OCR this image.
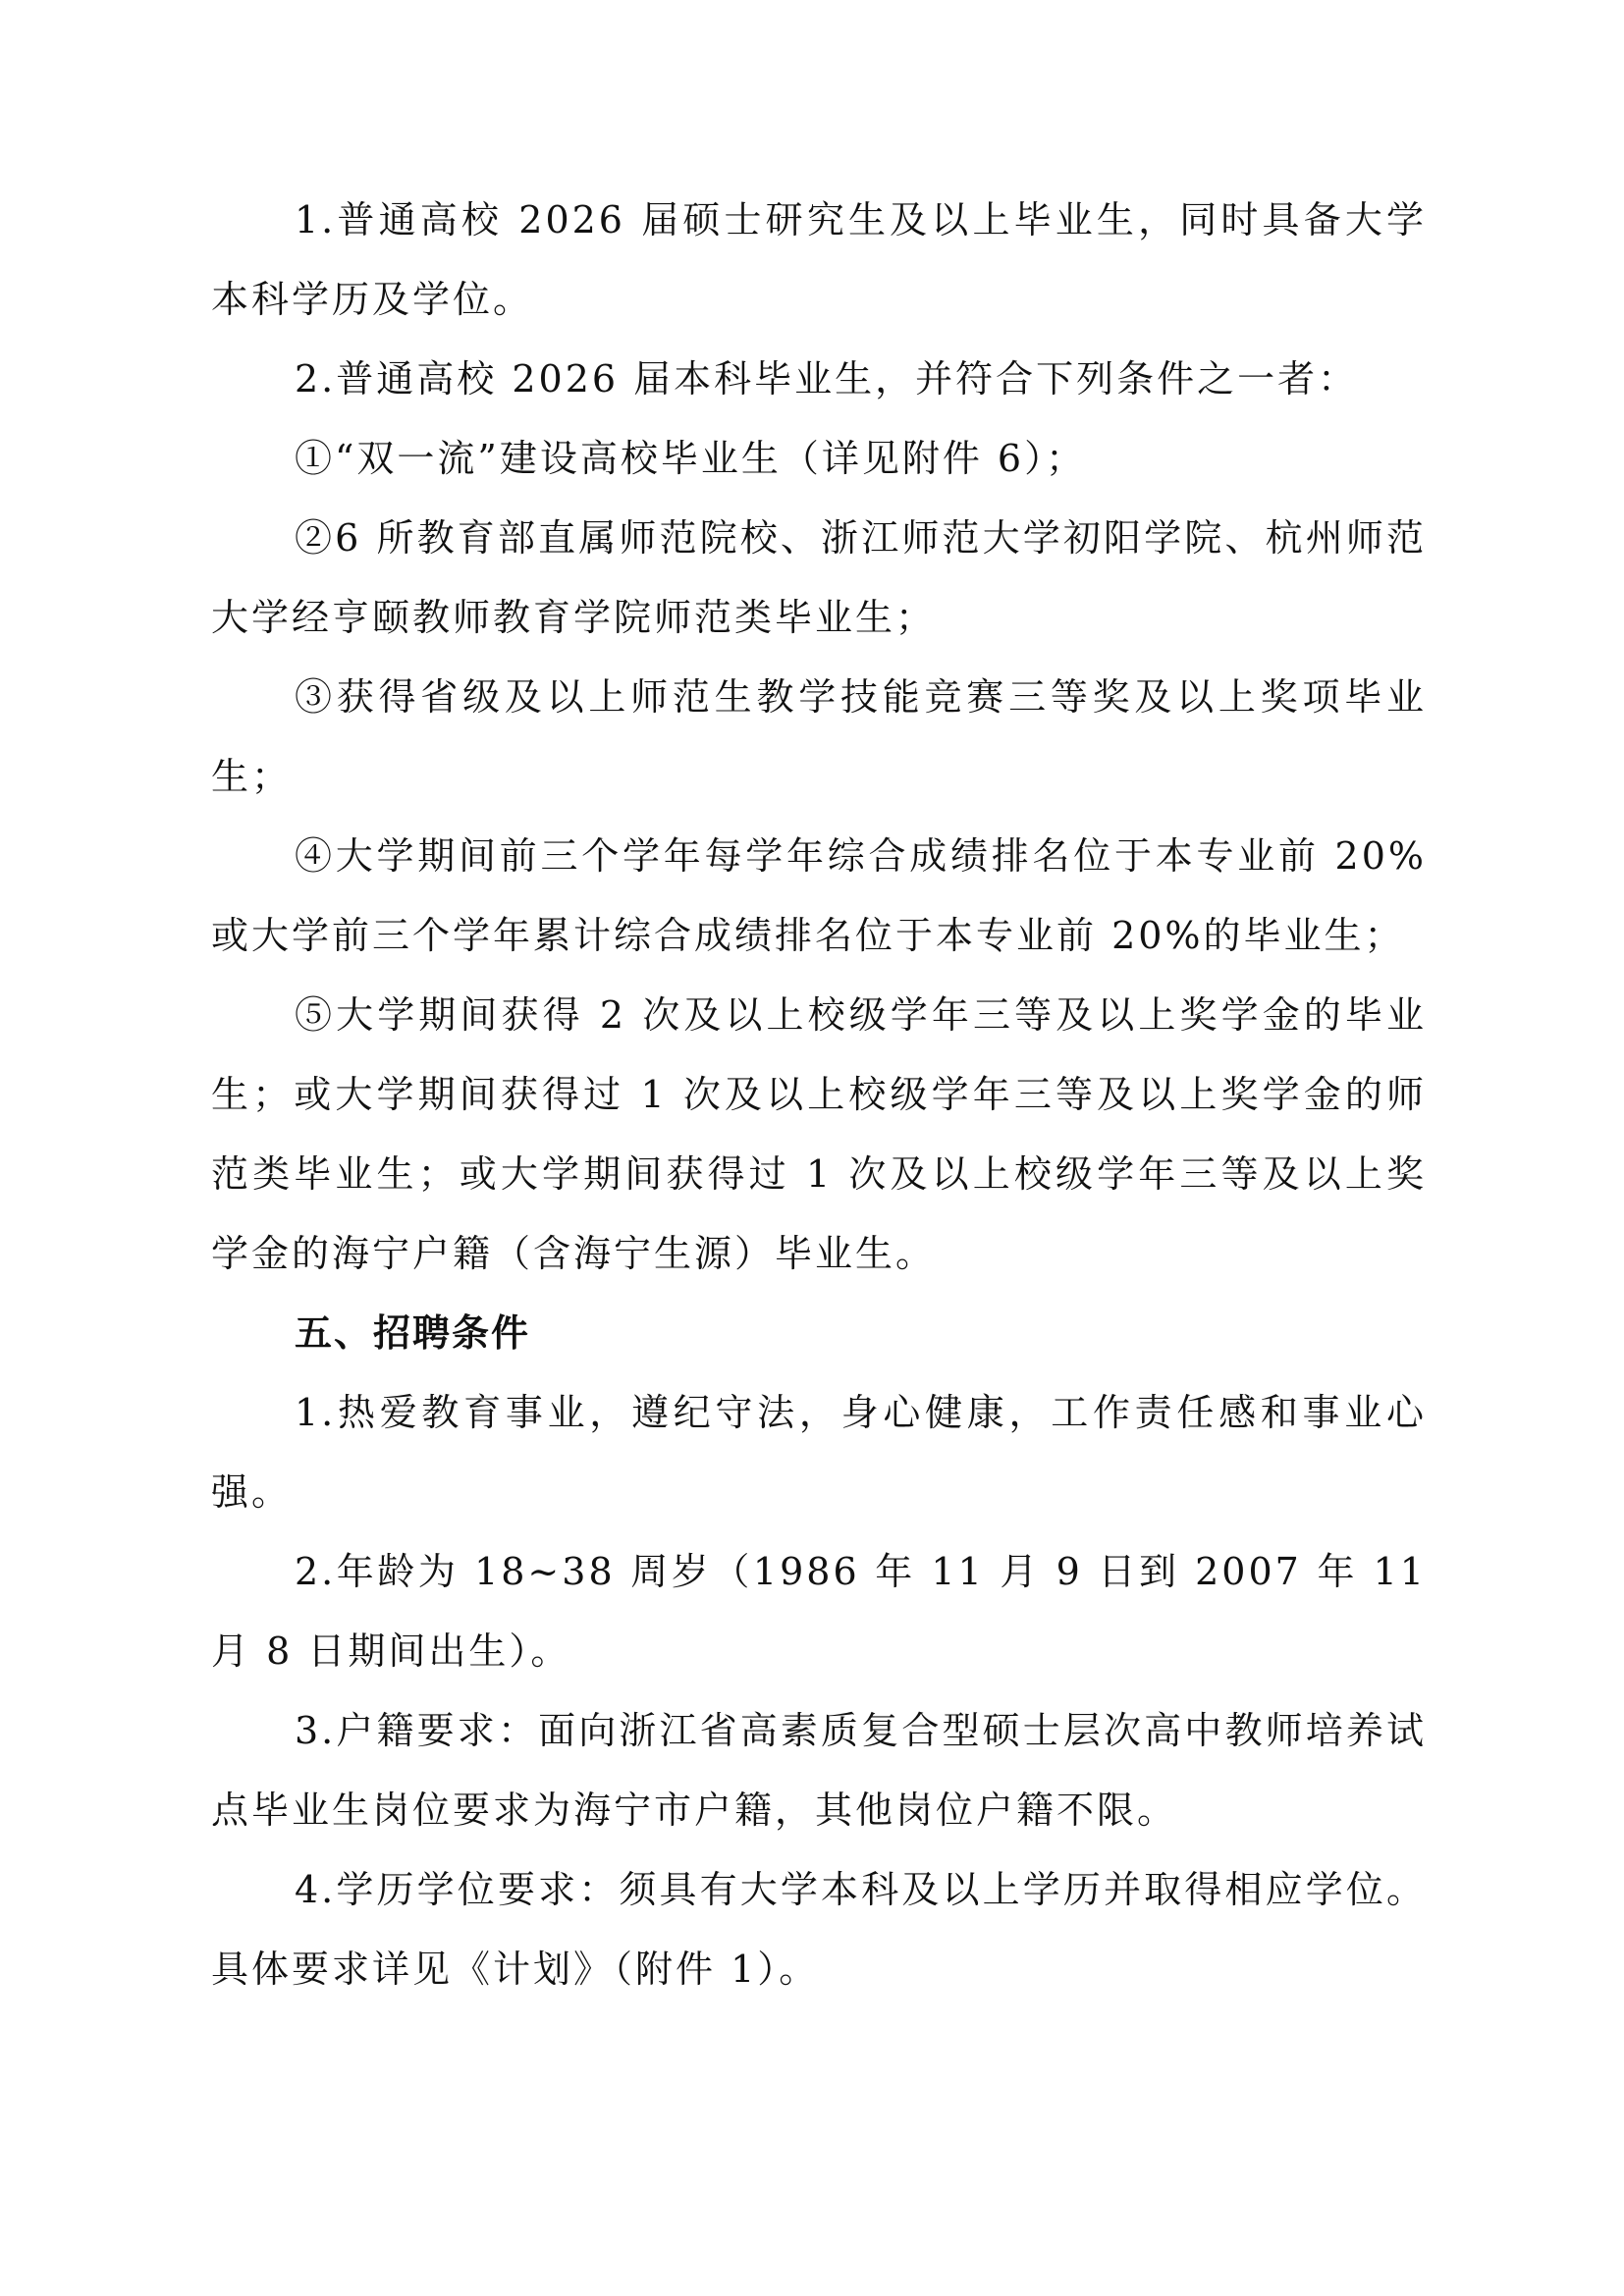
1.普通高校 2026 届硕士研究生及以上毕业生，同时具备大学本科学历及学位。

2.普通高校 2026 届本科毕业生，并符合下列条件之一者：

①“双一流”建设高校毕业生（详见附件 6）；

②6 所教育部直属师范院校、浙江师范大学初阳学院、杭州师范大学经亨颐教师教育学院师范类毕业生；

③获得省级及以上师范生教学技能竞赛三等奖及以上奖项毕业生；

④大学期间前三个学年每学年综合成绩排名位于本专业前 20%或大学前三个学年累计综合成绩排名位于本专业前 20%的毕业生；

⑤大学期间获得 2 次及以上校级学年三等及以上奖学金的毕业生；或大学期间获得过 1 次及以上校级学年三等及以上奖学金的师范类毕业生；或大学期间获得过 1 次及以上校级学年三等及以上奖学金的海宁户籍（含海宁生源）毕业生。

五、招聘条件

1.热爱教育事业，遵纪守法，身心健康，工作责任感和事业心强。

2.年龄为 18~38 周岁（1986 年 11 月 9 日到 2007 年 11 月 8 日期间出生）。

3.户籍要求：面向浙江省高素质复合型硕士层次高中教师培养试点毕业生岗位要求为海宁市户籍，其他岗位户籍不限。

4.学历学位要求：须具有大学本科及以上学历并取得相应学位。具体要求详见《计划》（附件 1）。
